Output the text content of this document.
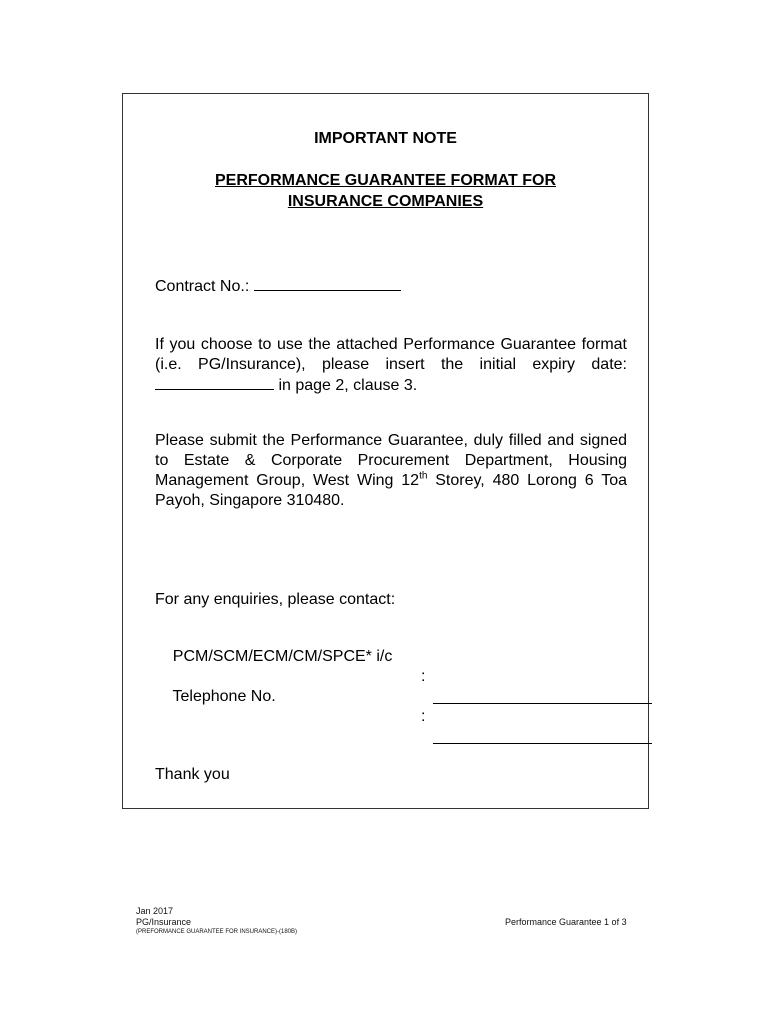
IMPORTANT NOTE
PERFORMANCE GUARANTEE FORMAT FOR
INSURANCE COMPANIES
Contract No.:
If you choose to use the attached Performance Guarantee format (i.e. PG/Insurance), please insert the initial expiry date:  in page 2, clause 3.
Please submit the Performance Guarantee, duly filled and signed to Estate & Corporate Procurement Department, Housing Management Group, West Wing 12th Storey, 480 Lorong 6 Toa Payoh, Singapore 310480.
For any enquiries, please contact:

PCM/SCM/ECM/CM/SPCE* i/c

:

Telephone No.

:

Thank you
Jan 2017
PG/Insurance
(PREFORMANCE GUARANTEE FOR INSURANCE)-(180B)
Performance Guarantee 1 of 3
